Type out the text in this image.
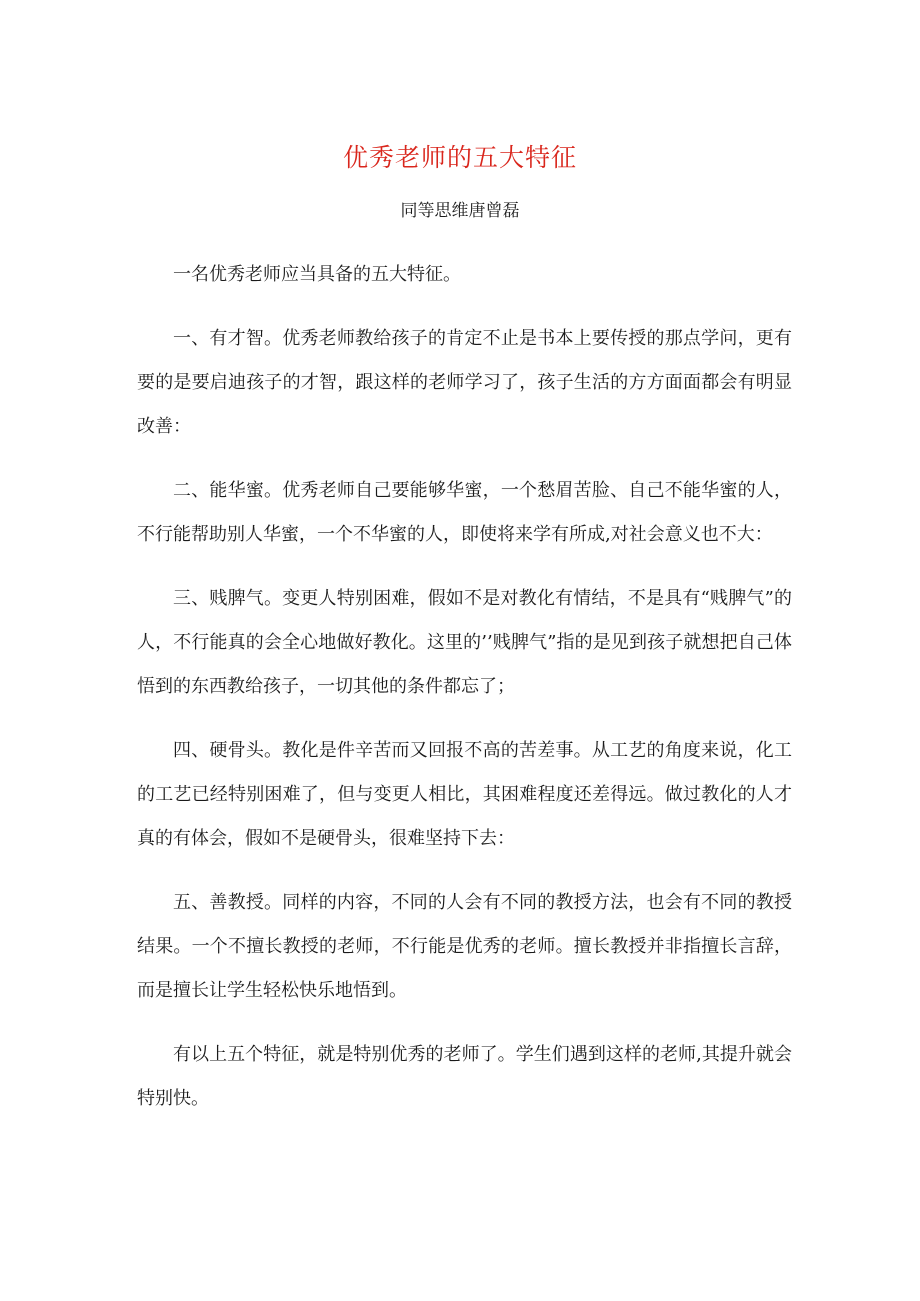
优秀老师的五大特征
同等思维唐曾磊

一名优秀老师应当具备的五大特征。

一、有才智。优秀老师教给孩子的肯定不止是书本上要传授的那点学问，更有要的是要启迪孩子的才智，跟这样的老师学习了，孩子生活的方方面面都会有明显改善：

二、能华蜜。优秀老师自己要能够华蜜，一个愁眉苦脸、自己不能华蜜的人，不行能帮助别人华蜜，一个不华蜜的人，即使将来学有所成,对社会意义也不大：

三、贱脾气。变更人特别困难，假如不是对教化有情结，不是具有“贱脾气”的人，不行能真的会全心地做好教化。这里的’’贱脾气”指的是见到孩子就想把自己体悟到的东西教给孩子，一切其他的条件都忘了；

四、硬骨头。教化是件辛苦而又回报不高的苦差事。从工艺的角度来说，化工的工艺已经特别困难了，但与变更人相比，其困难程度还差得远。做过教化的人才真的有体会，假如不是硬骨头，很难坚持下去：

五、善教授。同样的内容，不同的人会有不同的教授方法，也会有不同的教授结果。一个不擅长教授的老师，不行能是优秀的老师。擅长教授并非指擅长言辞，而是擅长让学生轻松快乐地悟到。

有以上五个特征，就是特别优秀的老师了。学生们遇到这样的老师,其提升就会特别快。
